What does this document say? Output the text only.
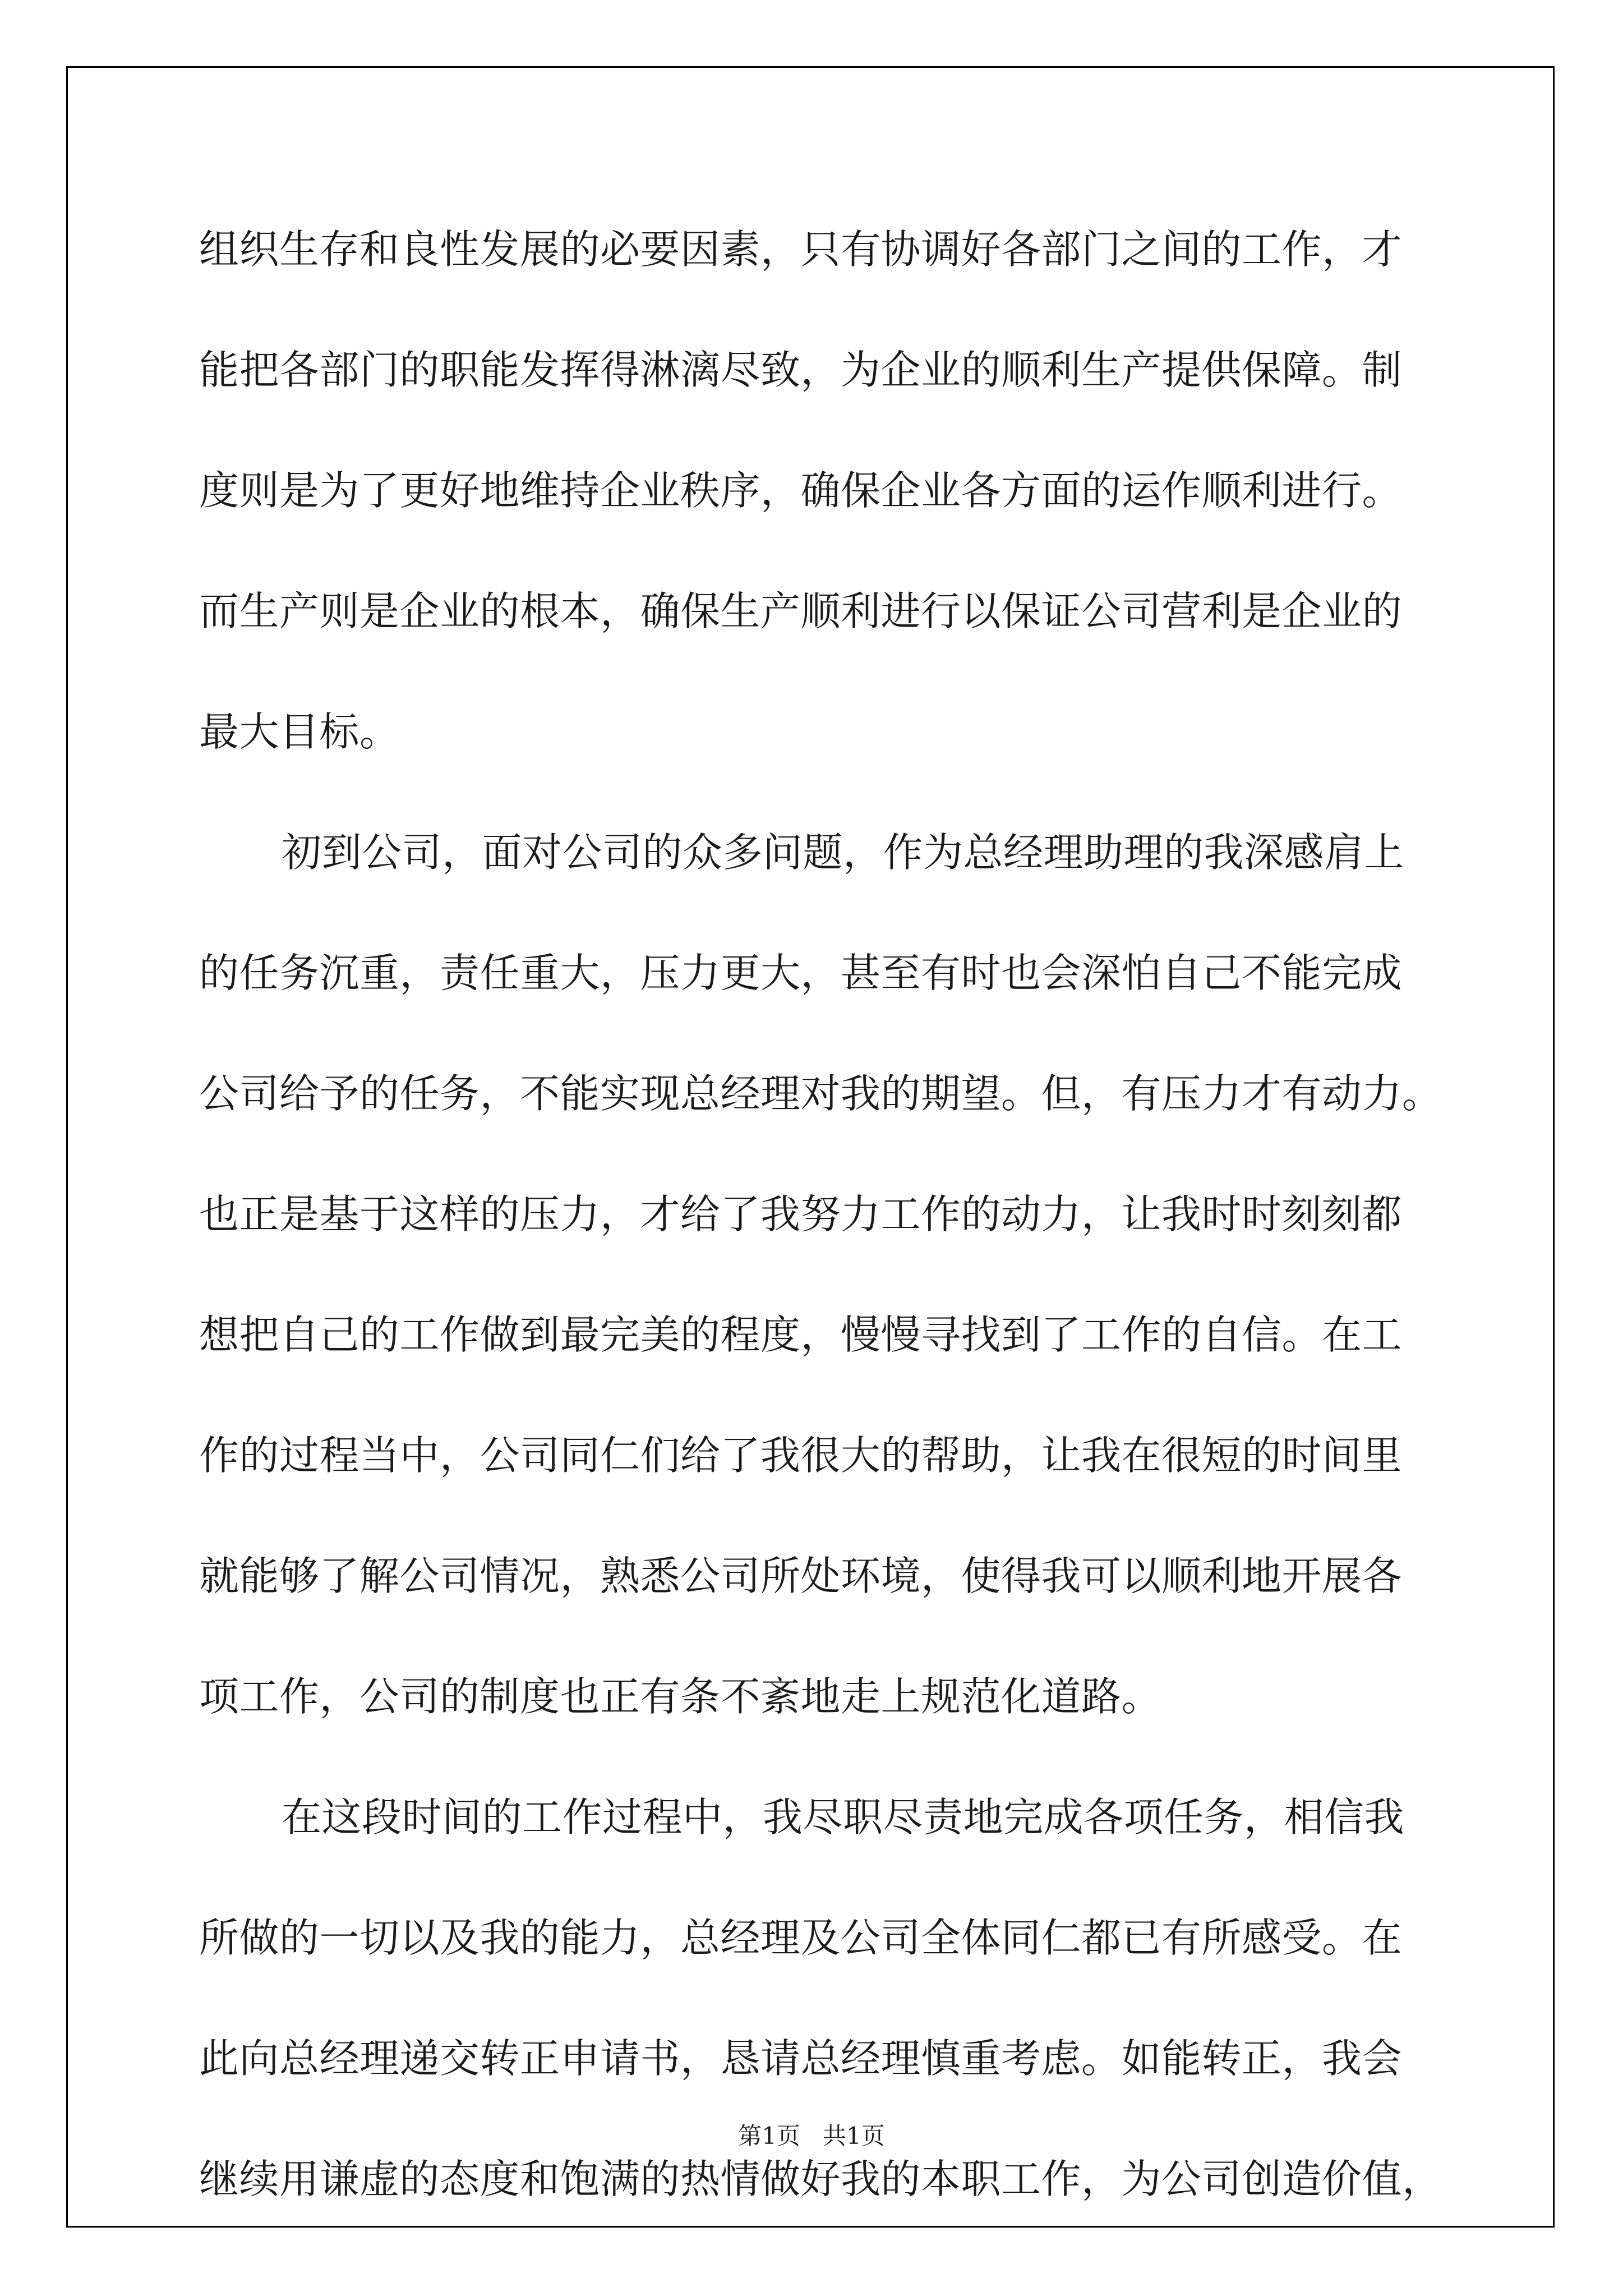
组织生存和良性发展的必要因素，只有协调好各部门之间的工作，才
能把各部门的职能发挥得淋漓尽致，为企业的顺利生产提供保障。制
度则是为了更好地维持企业秩序，确保企业各方面的运作顺利进行。
而生产则是企业的根本，确保生产顺利进行以保证公司营利是企业的
最大目标。
初到公司，面对公司的众多问题，作为总经理助理的我深感肩上
的任务沉重，责任重大，压力更大，甚至有时也会深怕自己不能完成
公司给予的任务，不能实现总经理对我的期望。但，有压力才有动力。
也正是基于这样的压力，才给了我努力工作的动力，让我时时刻刻都
想把自己的工作做到最完美的程度，慢慢寻找到了工作的自信。在工
作的过程当中，公司同仁们给了我很大的帮助，让我在很短的时间里
就能够了解公司情况，熟悉公司所处环境，使得我可以顺利地开展各
项工作，公司的制度也正有条不紊地走上规范化道路。
在这段时间的工作过程中，我尽职尽责地完成各项任务，相信我
所做的一切以及我的能力，总经理及公司全体同仁都已有所感受。在
此向总经理递交转正申请书，恳请总经理慎重考虑。如能转正，我会
继续用谦虚的态度和饱满的热情做好我的本职工作，为公司创造价值，
第1页 共1页
